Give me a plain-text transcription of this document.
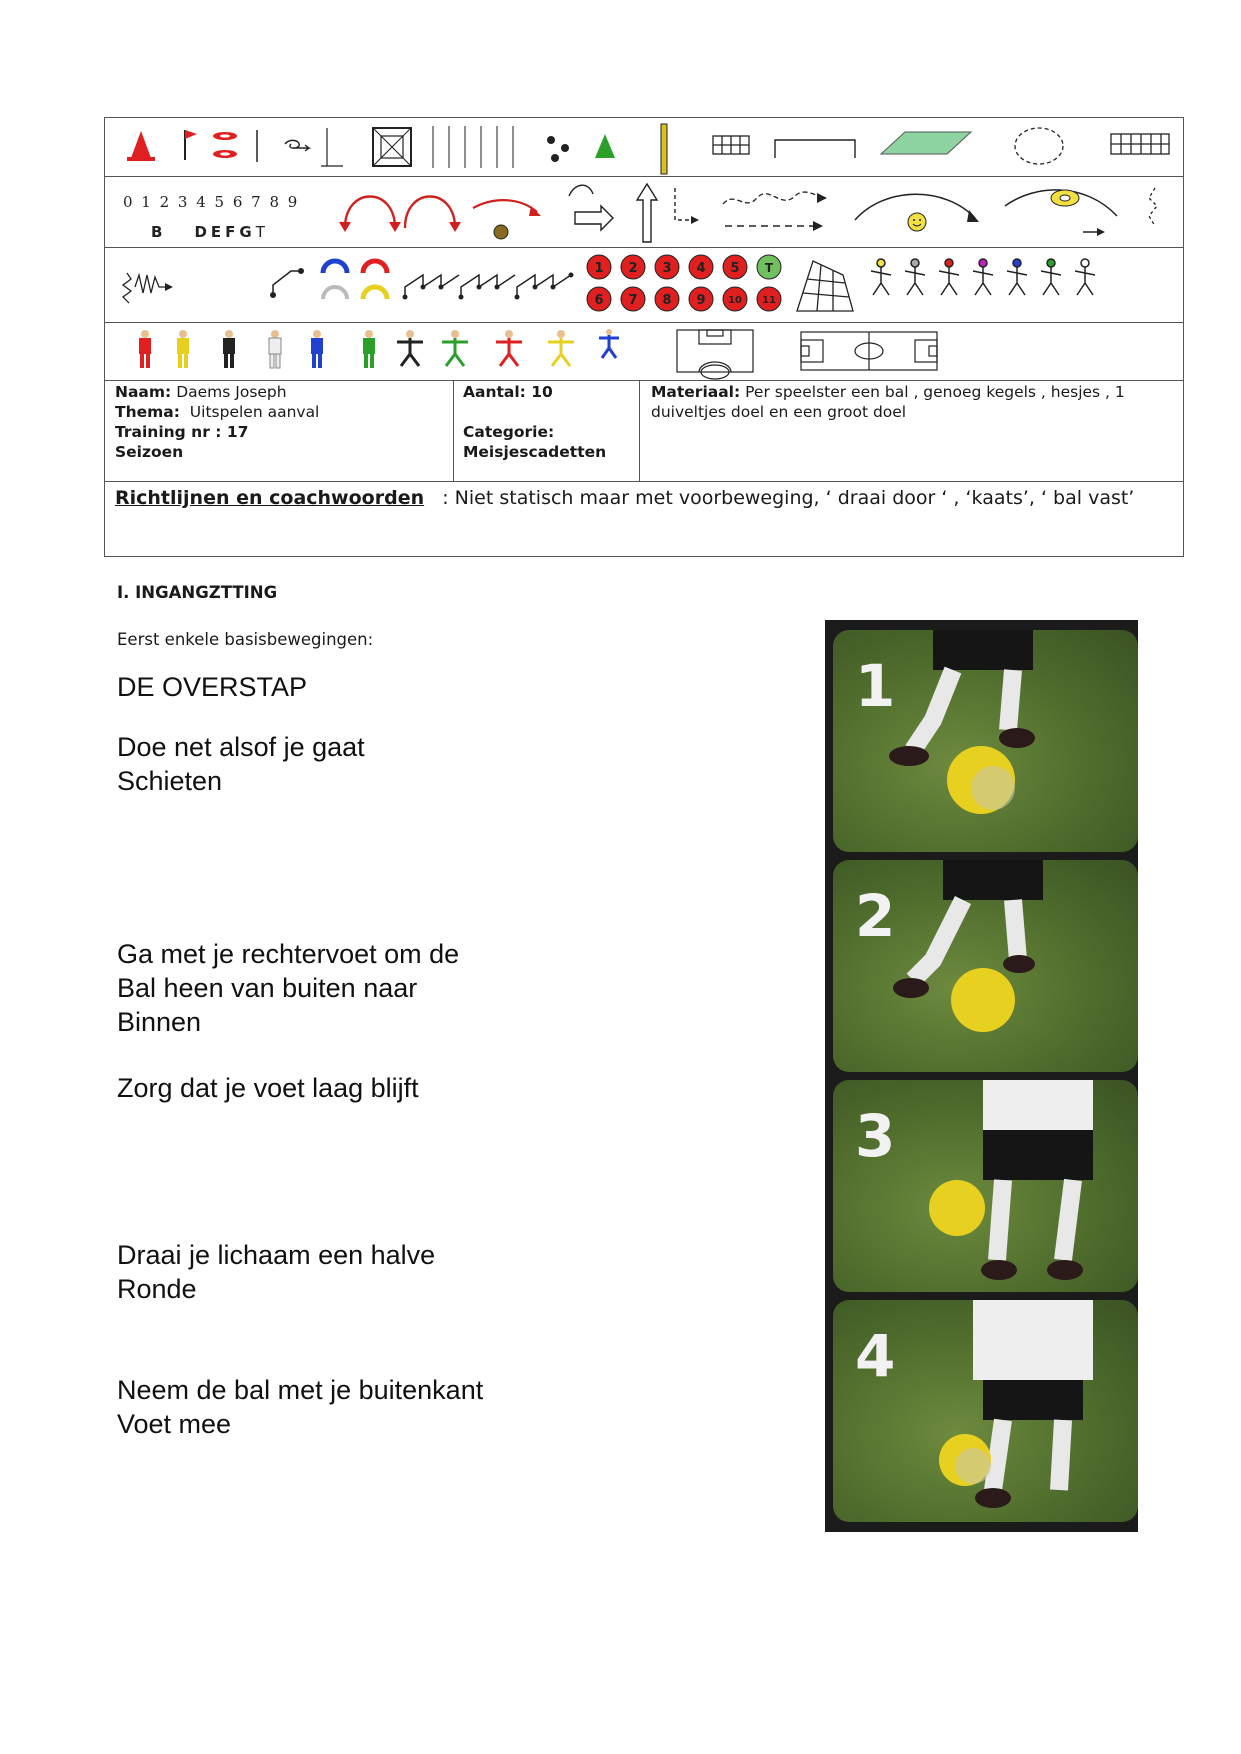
0 1 2 3 4 5 6 7 8 9
B DEFGT
1 2 3 4 5 T
6 7 8 9 10 11
Naam: Daems Joseph
Thema: Uitspelen aanval
Training nr : 17
Seizoen
Aantal: 10

Categorie:
Meisjescadetten
Materiaal: Per speelster een bal , genoeg kegels , hesjes , 1 duiveltjes doel en een groot doel
Richtlijnen en coachwoorden   : Niet statisch maar met voorbeweging, ‘ draai door ‘ , ‘kaats’, ‘ bal vast’
I. INGANGZTTING
Eerst enkele basisbewegingen:
DE OVERSTAP
Doe net alsof je gaat
Schieten
Ga met je rechtervoet om de
Bal heen van buiten naar
Binnen
Zorg dat je voet laag blijft
Draai je lichaam een halve
Ronde
Neem de bal met je buitenkant
Voet mee
1
2
3
4
